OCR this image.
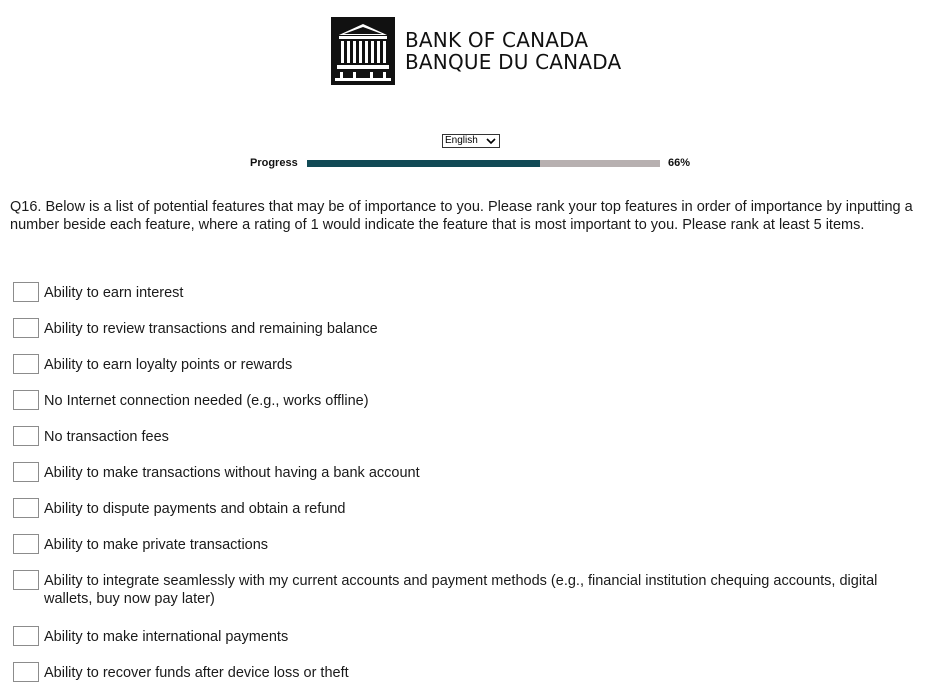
BANK OF CANADA
BANQUE DU CANADA
English
Progress	66%

Q16. Below is a list of potential features that may be of importance to you. Please rank your top features in order of importance by inputting a number beside each feature, where a rating of 1 would indicate the feature that is most important to you. Please rank at least 5 items.

Ability to earn interest
Ability to review transactions and remaining balance
Ability to earn loyalty points or rewards
No Internet connection needed (e.g., works offline)
No transaction fees
Ability to make transactions without having a bank account
Ability to dispute payments and obtain a refund
Ability to make private transactions
Ability to integrate seamlessly with my current accounts and payment methods (e.g., financial institution chequing accounts, digital wallets, buy now pay later)
Ability to make international payments
Ability to recover funds after device loss or theft
